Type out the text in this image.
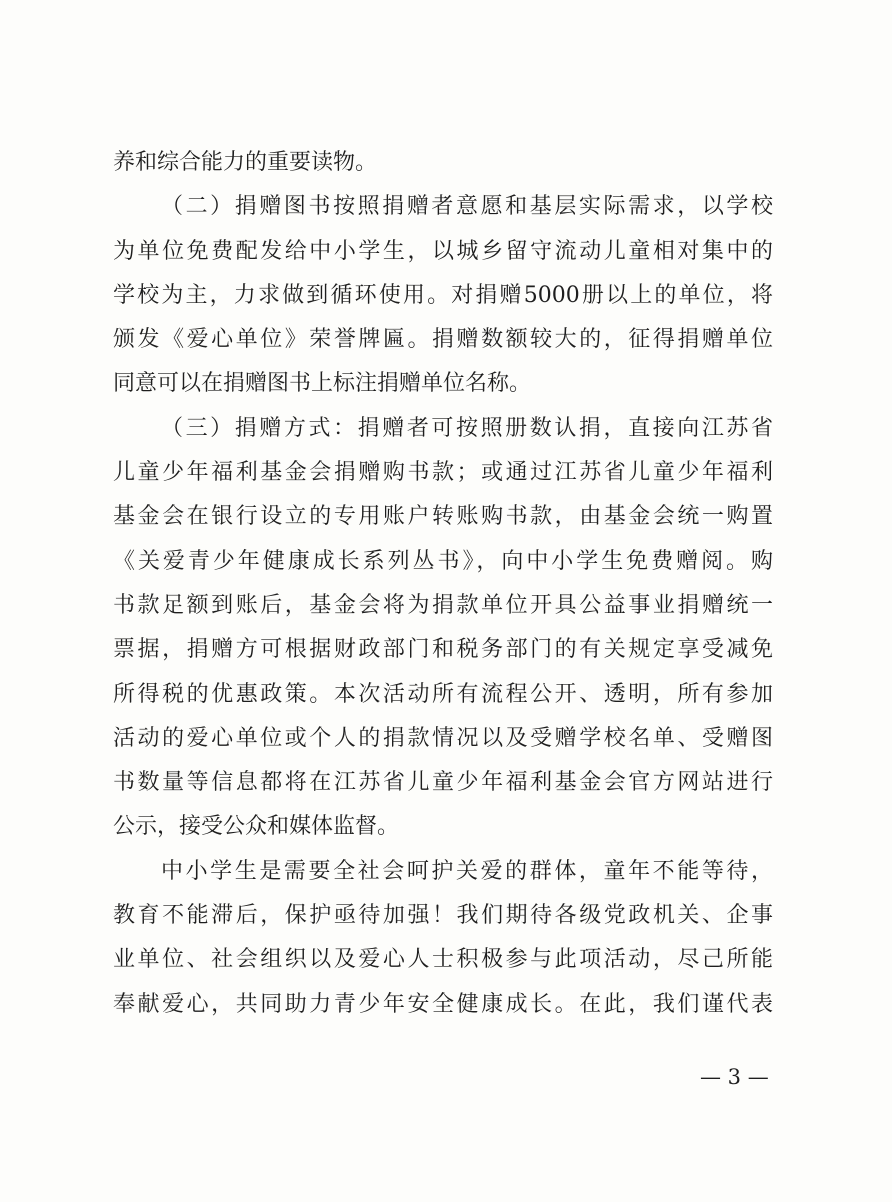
养和综合能力的重要读物。
（二）捐赠图书按照捐赠者意愿和基层实际需求，以学校
为单位免费配发给中小学生，以城乡留守流动儿童相对集中的
学校为主，力求做到循环使用。对捐赠5000册以上的单位，将
颁发《爱心单位》荣誉牌匾。捐赠数额较大的，征得捐赠单位
同意可以在捐赠图书上标注捐赠单位名称。
（三）捐赠方式：捐赠者可按照册数认捐，直接向江苏省
儿童少年福利基金会捐赠购书款；或通过江苏省儿童少年福利
基金会在银行设立的专用账户转账购书款，由基金会统一购置
《关爱青少年健康成长系列丛书》，向中小学生免费赠阅。购
书款足额到账后，基金会将为捐款单位开具公益事业捐赠统一
票据，捐赠方可根据财政部门和税务部门的有关规定享受减免
所得税的优惠政策。本次活动所有流程公开、透明，所有参加
活动的爱心单位或个人的捐款情况以及受赠学校名单、受赠图
书数量等信息都将在江苏省儿童少年福利基金会官方网站进行
公示，接受公众和媒体监督。
中小学生是需要全社会呵护关爱的群体，童年不能等待，
教育不能滞后，保护亟待加强！我们期待各级党政机关、企事
业单位、社会组织以及爱心人士积极参与此项活动，尽己所能
奉献爱心，共同助力青少年安全健康成长。在此，我们谨代表
— 3 —
